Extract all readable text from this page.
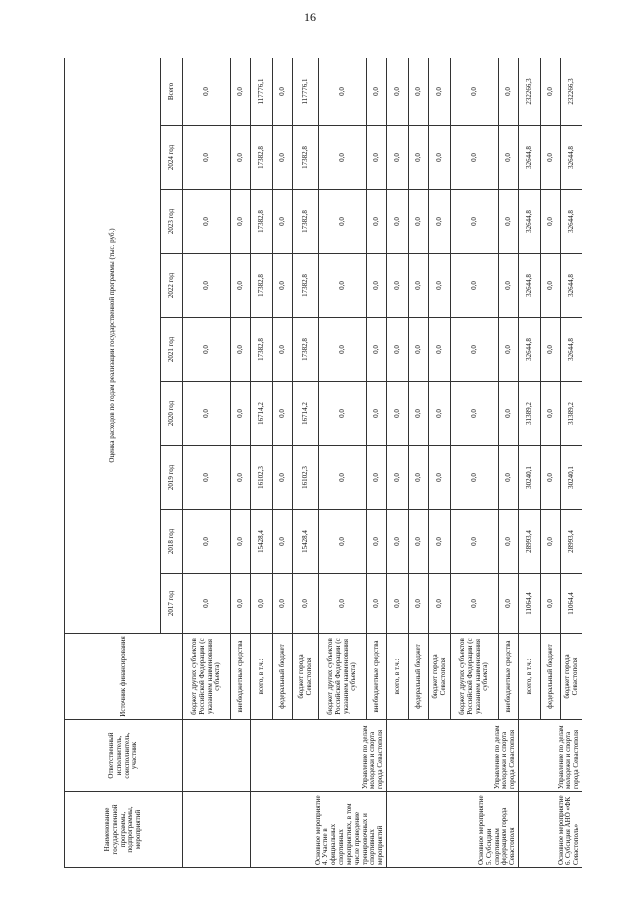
16
Наименование государственной программы, подпрограммы, мероприятий	Ответственный исполнитель, соисполнитель, участник	Источник финансирования	Оценка расходов по годам реализации государственной программы (тыс. руб.)								
			2017 год	2018 год	2019 год	2020 год	2021 год	2022 год	2023 год	2024 год	Всего
		бюджет других субъектов Российской Федерации (с указанием наименования субъекта)	0,0	0,0	0,0	0,0	0,0	0,0	0,0	0,0	0,0
		внебюджетные средства	0,0	0,0	0,0	0,0	0,0	0,0	0,0	0,0	0,0
Основное мероприятие 4. Участие в официальных спортивных мероприятиях, в том числе проведение тренировочных и спортивных мероприятий	Управление по делам молодежи и спорта города Севастополя	всего, в т.ч.:	0,0	15428,4	16102,3	16714,2	17382,8	17382,8	17382,8	17382,8	117776,1
		федеральный бюджет	0,0	0,0	0,0	0,0	0,0	0,0	0,0	0,0	0,0
		бюджет города Севастополя	0,0	15428,4	16102,3	16714,2	17382,8	17382,8	17382,8	17382,8	117776,1
		бюджет других субъектов Российской Федерации (с указанием наименования субъекта)	0,0	0,0	0,0	0,0	0,0	0,0	0,0	0,0	0,0
		внебюджетные средства	0,0	0,0	0,0	0,0	0,0	0,0	0,0	0,0	0,0
Основное мероприятие 5. Субсидии спортивным федерациям города Севастополя	Управление по делам молодежи и спорта города Севастополя	всего, в т.ч.:	0,0	0,0	0,0	0,0	0,0	0,0	0,0	0,0	0,0
		федеральный бюджет	0,0	0,0	0,0	0,0	0,0	0,0	0,0	0,0	0,0
		бюджет города Севастополя	0,0	0,0	0,0	0,0	0,0	0,0	0,0	0,0	0,0
		бюджет других субъектов Российской Федерации (с указанием наименования субъекта)	0,0	0,0	0,0	0,0	0,0	0,0	0,0	0,0	0,0
		внебюджетные средства	0,0	0,0	0,0	0,0	0,0	0,0	0,0	0,0	0,0
Основное мероприятие 6. Субсидия АНО «ФК Севастополь»	Управление по делам молодежи и спорта города Севастополя	всего, в т.ч.:	11064,4	28993,4	30240,1	31389,2	32644,8	32644,8	32644,8	32644,8	232266,3
		федеральный бюджет	0,0	0,0	0,0	0,0	0,0	0,0	0,0	0,0	0,0
		бюджет города Севастополя	11064,4	28993,4	30240,1	31389,2	32644,8	32644,8	32644,8	32644,8	232266,3
